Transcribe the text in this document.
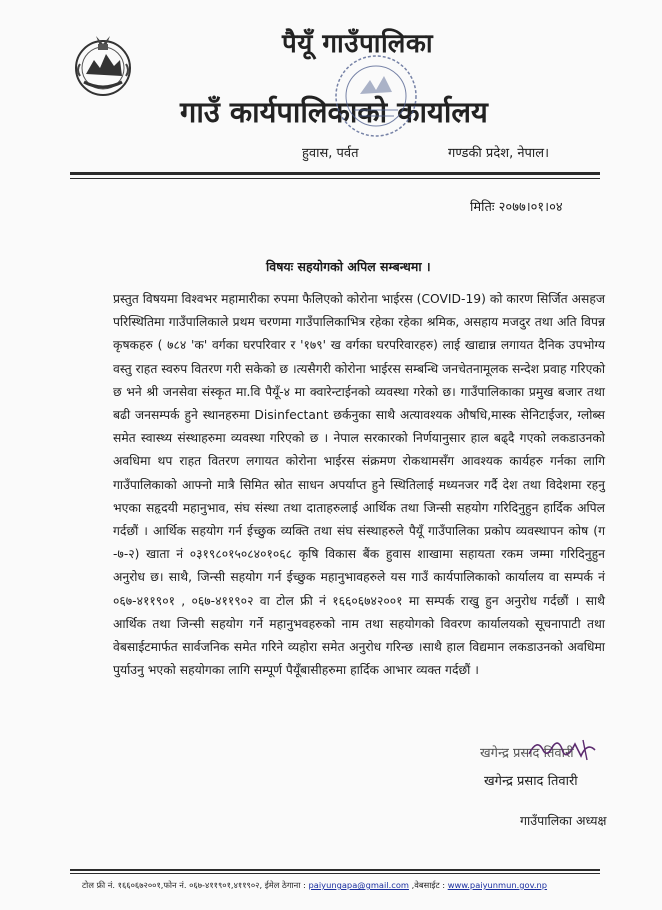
पैयूँ गाउँपालिका
गाउँ कार्यपालिकाको कार्यालय
हुवास, पर्वत	गण्डकी प्रदेश, नेपाल।
मितिः २०७७।०१।०४
विषयः सहयोगको अपिल सम्बन्धमा ।
प्रस्तुत विषयमा विश्वभर महामारीका रुपमा फैलिएको कोरोना भाईरस (COVID-19) को कारण सिर्जित असहज परिस्थितिमा गाउँपालिकाले प्रथम चरणमा गाउँपालिकाभित्र रहेका रहेका श्रमिक, असहाय मजदुर तथा अति विपन्न कृषकहरु ( ७८४ 'क' वर्गका घरपरिवार र '१७९' ख वर्गका घरपरिवारहरु) लाई खाद्यान्न लगायत दैनिक उपभोग्य वस्तु राहत स्वरुप वितरण गरी सकेको छ ।त्यसैगरी कोरोना भाईरस सम्बन्धि जनचेतनामूलक सन्देश प्रवाह गरिएको छ भने श्री जनसेवा संस्कृत मा.वि पैयूँ-४ मा क्वारेन्टाईनको व्यवस्था गरेको छ। गाउँपालिकाका प्रमुख बजार तथा बढी जनसम्पर्क हुने स्थानहरुमा Disinfectant छर्कनुका साथै अत्यावश्यक औषधि,मास्क सेनिटाईजर, ग्लोब्स समेत स्वास्थ्य संस्थाहरुमा व्यवस्था गरिएको छ । नेपाल सरकारको निर्णयानुसार हाल बढ्दै गएको लकडाउनको अवधिमा थप राहत वितरण लगायत कोरोना भाईरस संक्रमण रोकथामसँग आवश्यक कार्यहरु गर्नका लागि गाउँपालिकाको आफ्नो मात्रै सिमित स्रोत साधन अपर्याप्त हुने स्थितिलाई मध्यनजर गर्दै देश तथा विदेशमा रहनु भएका सहृदयी महानुभाव, संघ संस्था तथा दाताहरुलाई आर्थिक तथा जिन्सी सहयोग गरिदिनुहुन हार्दिक अपिल गर्दछौं । आर्थिक सहयोग गर्न ईच्छुक व्यक्ति तथा संघ संस्थाहरुले पैयूँ गाउँपालिका प्रकोप व्यवस्थापन कोष (ग -७-२) खाता नं ०३१९८०१५०८४०१०६८ कृषि विकास बैंक हुवास शाखामा सहायता रकम जम्मा गरिदिनुहुन अनुरोध छ। साथै, जिन्सी सहयोग गर्न ईच्छुक महानुभावहरुले यस गाउँ कार्यपालिकाको कार्यालय वा सम्पर्क नं ०६७-४११९०१ , ०६७-४११९०२ वा टोल फ्री नं १६६०६७४२००१ मा सम्पर्क राखु हुन अनुरोध गर्दछौं । साथै आर्थिक तथा जिन्सी सहयोग गर्ने महानुभवहरुको नाम तथा सहयोगको विवरण कार्यालयको सूचनापाटी तथा वेबसाईटमार्फत सार्वजनिक समेत गरिने व्यहोरा समेत अनुरोध गरिन्छ ।साथै हाल विद्यमान लकडाउनको अवधिमा पुर्याउनु भएको सहयोगका लागि सम्पूर्ण पैयूँबासीहरुमा हार्दिक आभार व्यक्त गर्दछौं ।
खगेन्द्र प्रसाद तिवारी
खगेन्द्र प्रसाद तिवारी
गाउँपालिका अध्यक्ष
टोल फ्री नं. १६६०६७२००१,फोन नं. ०६७-४११९०१,४११९०२, ईमेल ठेगाना : paiyungapa@gmail.com ,वेबसाईट : www.paiyunmun.gov.np
